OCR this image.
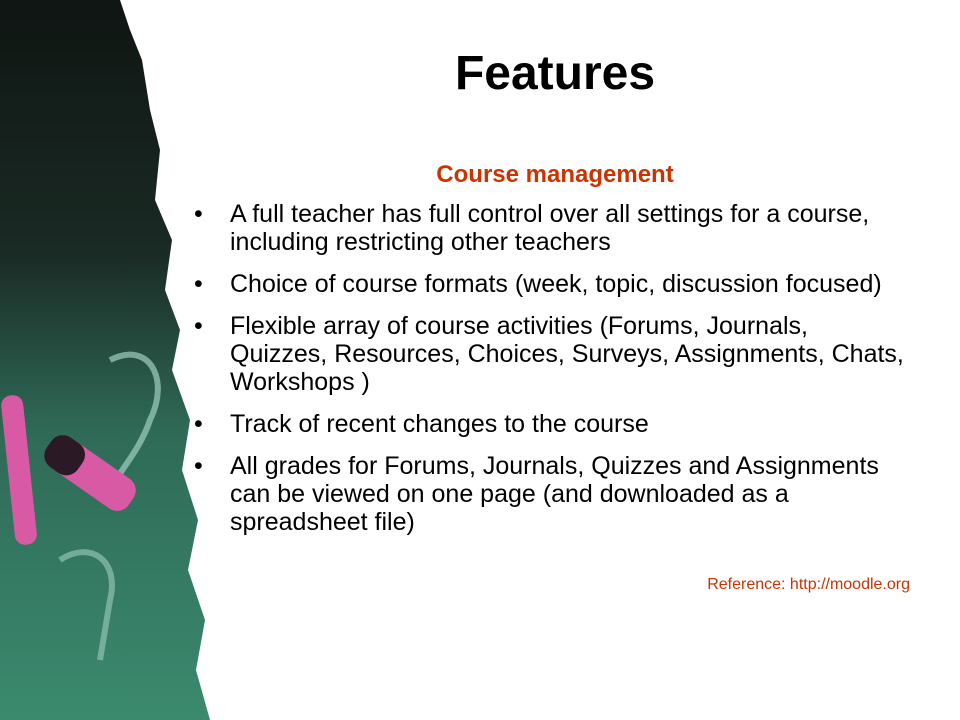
Features
Course management
• A full teacher has full control over all settings for a course, including restricting other teachers
• Choice of course formats (week, topic, discussion focused)
• Flexible array of course activities (Forums, Journals, Quizzes, Resources, Choices, Surveys, Assignments, Chats, Workshops )
• Track of recent changes to the course
• All grades for Forums, Journals, Quizzes and Assignments can be viewed on one page (and downloaded as a spreadsheet file)

Reference: http://moodle.org
